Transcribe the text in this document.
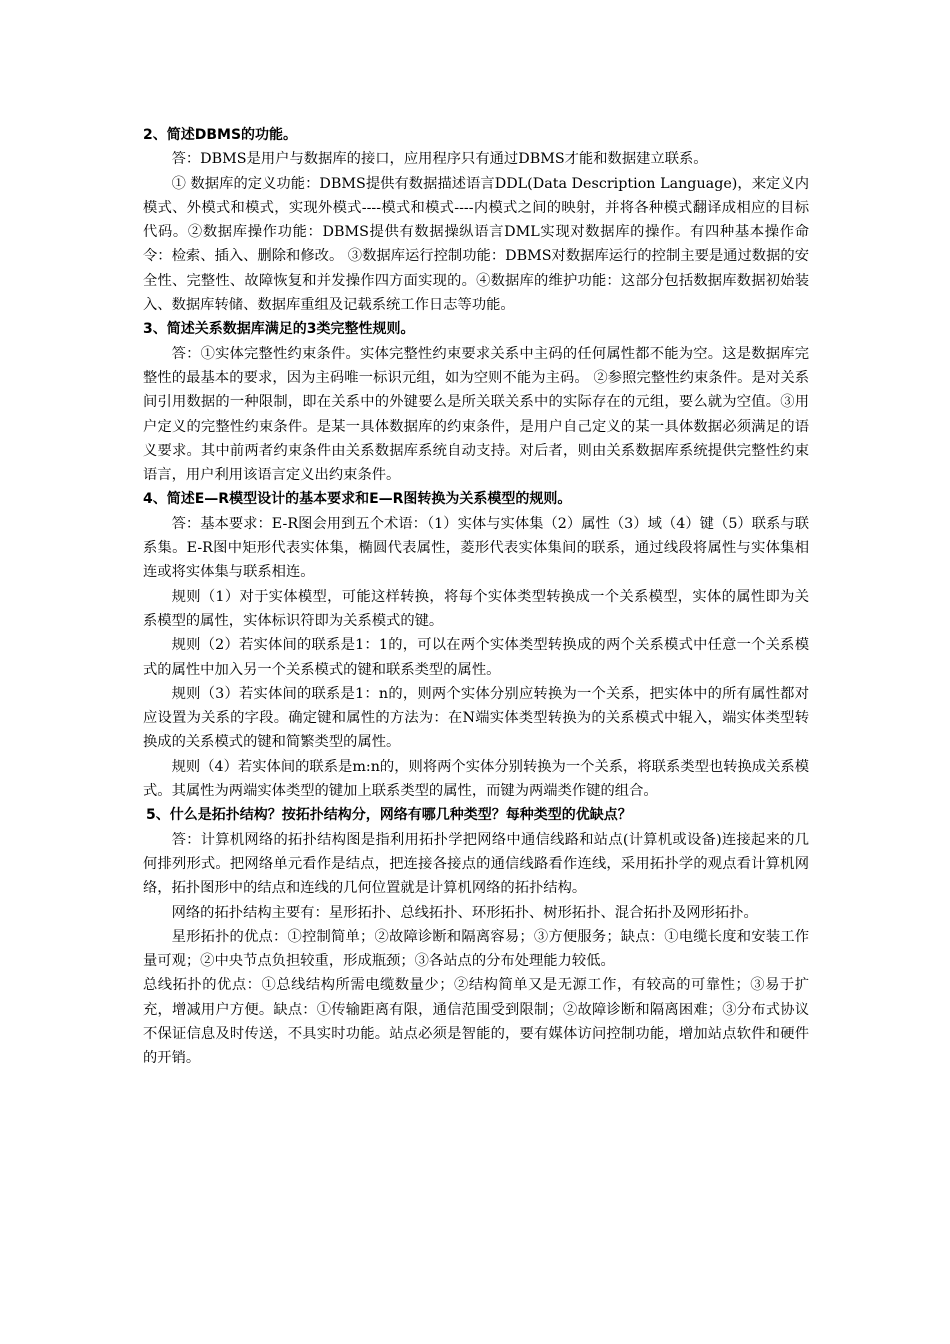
2、简述DBMS的功能。

答：DBMS是用户与数据库的接口，应用程序只有通过DBMS才能和数据建立联系。

① 数据库的定义功能：DBMS提供有数据描述语言DDL(Data Description Language)，来定义内模式、外模式和模式，实现外模式----模式和模式----内模式之间的映射，并将各种模式翻译成相应的目标代码。②数据库操作功能：DBMS提供有数据操纵语言DML实现对数据库的操作。有四种基本操作命令：检索、插入、删除和修改。 ③数据库运行控制功能：DBMS对数据库运行的控制主要是通过数据的安全性、完整性、故障恢复和并发操作四方面实现的。④数据库的维护功能：这部分包括数据库数据初始装入、数据库转储、数据库重组及记载系统工作日志等功能。

3、简述关系数据库满足的3类完整性规则。

答：①实体完整性约束条件。实体完整性约束要求关系中主码的任何属性都不能为空。这是数据库完整性的最基本的要求，因为主码唯一标识元组，如为空则不能为主码。 ②参照完整性约束条件。是对关系间引用数据的一种限制，即在关系中的外键要么是所关联关系中的实际存在的元组，要么就为空值。③用户定义的完整性约束条件。是某一具体数据库的约束条件，是用户自己定义的某一具体数据必须满足的语义要求。其中前两者约束条件由关系数据库系统自动支持。对后者，则由关系数据库系统提供完整性约束语言，用户利用该语言定义出约束条件。

4、简述E—R模型设计的基本要求和E—R图转换为关系模型的规则。

答：基本要求：E-R图会用到五个术语：（1）实体与实体集（2）属性（3）域（4）键（5）联系与联系集。E-R图中矩形代表实体集，椭圆代表属性，菱形代表实体集间的联系，通过线段将属性与实体集相连或将实体集与联系相连。

规则（1）对于实体模型，可能这样转换，将每个实体类型转换成一个关系模型，实体的属性即为关系模型的属性，实体标识符即为关系模式的键。

规则（2）若实体间的联系是1：1的，可以在两个实体类型转换成的两个关系模式中任意一个关系模式的属性中加入另一个关系模式的键和联系类型的属性。

规则（3）若实体间的联系是1：n的，则两个实体分别应转换为一个关系，把实体中的所有属性都对应设置为关系的字段。确定键和属性的方法为：在N端实体类型转换为的关系模式中辊入，端实体类型转换成的关系模式的键和简繁类型的属性。

规则（4）若实体间的联系是m:n的，则将两个实体分别转换为一个关系，将联系类型也转换成关系模式。其属性为两端实体类型的键加上联系类型的属性，而键为两端类作键的组合。

5、什么是拓扑结构？按拓扑结构分，网络有哪几种类型？每种类型的优缺点？

答：计算机网络的拓扑结构图是指利用拓扑学把网络中通信线路和站点(计算机或设备)连接起来的几何排列形式。把网络单元看作是结点，把连接各接点的通信线路看作连线，采用拓扑学的观点看计算机网络，拓扑图形中的结点和连线的几何位置就是计算机网络的拓扑结构。

网络的拓扑结构主要有：星形拓扑、总线拓扑、环形拓扑、树形拓扑、混合拓扑及网形拓扑。

星形拓扑的优点：①控制简单；②故障诊断和隔离容易；③方便服务；缺点：①电缆长度和安装工作量可观；②中央节点负担较重，形成瓶颈；③各站点的分布处理能力较低。

总线拓扑的优点：①总线结构所需电缆数量少；②结构简单又是无源工作，有较高的可靠性；③易于扩充，增减用户方便。缺点：①传输距离有限，通信范围受到限制；②故障诊断和隔离困难；③分布式协议不保证信息及时传送，不具实时功能。站点必须是智能的，要有媒体访问控制功能，增加站点软件和硬件的开销。
